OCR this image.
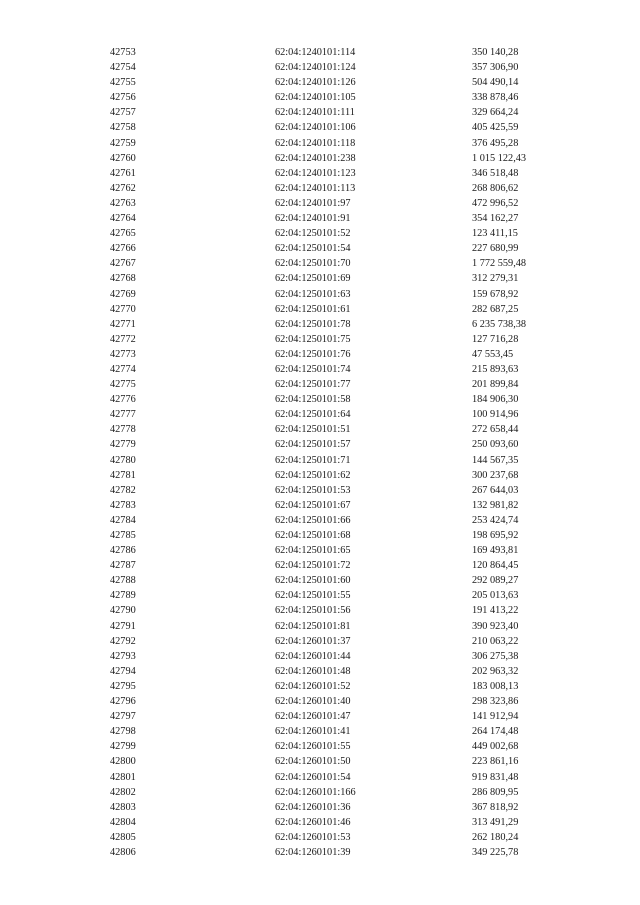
42753	62:04:1240101:114	350 140,28
42754	62:04:1240101:124	357 306,90
42755	62:04:1240101:126	504 490,14
42756	62:04:1240101:105	338 878,46
42757	62:04:1240101:111	329 664,24
42758	62:04:1240101:106	405 425,59
42759	62:04:1240101:118	376 495,28
42760	62:04:1240101:238	1 015 122,43
42761	62:04:1240101:123	346 518,48
42762	62:04:1240101:113	268 806,62
42763	62:04:1240101:97	472 996,52
42764	62:04:1240101:91	354 162,27
42765	62:04:1250101:52	123 411,15
42766	62:04:1250101:54	227 680,99
42767	62:04:1250101:70	1 772 559,48
42768	62:04:1250101:69	312 279,31
42769	62:04:1250101:63	159 678,92
42770	62:04:1250101:61	282 687,25
42771	62:04:1250101:78	6 235 738,38
42772	62:04:1250101:75	127 716,28
42773	62:04:1250101:76	47 553,45
42774	62:04:1250101:74	215 893,63
42775	62:04:1250101:77	201 899,84
42776	62:04:1250101:58	184 906,30
42777	62:04:1250101:64	100 914,96
42778	62:04:1250101:51	272 658,44
42779	62:04:1250101:57	250 093,60
42780	62:04:1250101:71	144 567,35
42781	62:04:1250101:62	300 237,68
42782	62:04:1250101:53	267 644,03
42783	62:04:1250101:67	132 981,82
42784	62:04:1250101:66	253 424,74
42785	62:04:1250101:68	198 695,92
42786	62:04:1250101:65	169 493,81
42787	62:04:1250101:72	120 864,45
42788	62:04:1250101:60	292 089,27
42789	62:04:1250101:55	205 013,63
42790	62:04:1250101:56	191 413,22
42791	62:04:1250101:81	390 923,40
42792	62:04:1260101:37	210 063,22
42793	62:04:1260101:44	306 275,38
42794	62:04:1260101:48	202 963,32
42795	62:04:1260101:52	183 008,13
42796	62:04:1260101:40	298 323,86
42797	62:04:1260101:47	141 912,94
42798	62:04:1260101:41	264 174,48
42799	62:04:1260101:55	449 002,68
42800	62:04:1260101:50	223 861,16
42801	62:04:1260101:54	919 831,48
42802	62:04:1260101:166	286 809,95
42803	62:04:1260101:36	367 818,92
42804	62:04:1260101:46	313 491,29
42805	62:04:1260101:53	262 180,24
42806	62:04:1260101:39	349 225,78
